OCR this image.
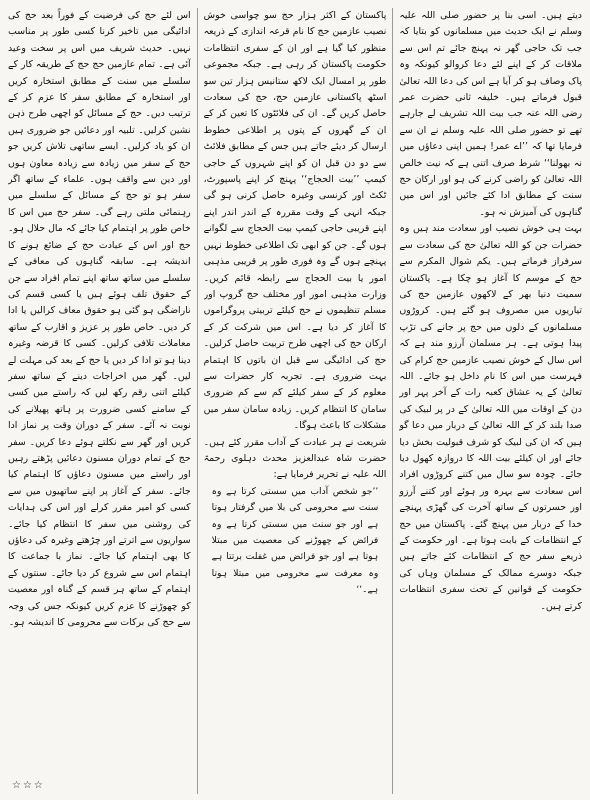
دیتے ہیں۔ اسی بنا پر حضور صلی اللہ علیہ وسلم نے ایک حدیث میں مسلمانوں کو بتایا کہ جب تک حاجی گھر نہ پہنچ جائے تم اس سے ملاقات کر کے اپنے لئے دعا کروالو کیونکہ وہ پاک وصاف ہو کر آیا ہے اس کی دعا اللہ تعالیٰ قبول فرماتے ہیں۔ خلیفہ ثانی حضرت عمر رضی اللہ عنہ جب بیت اللہ تشریف لے جارہے تھے تو حضور صلی اللہ علیہ وسلم نے ان سے فرمایا تھا کہ ’’اے عمر! ہمیں اپنی دعاؤں میں نہ بھولنا‘‘ شرط صرف اتنی ہے کہ نیت خالص اللہ تعالیٰ کو راضی کرنے کی ہو اور ارکان حج سنت کے مطابق ادا کئے جائیں اور اس میں گناہوں کی آمیزش نہ ہو۔

بہت ہی خوش نصیب اور سعادت مند ہیں وہ حضرات جن کو اللہ تعالیٰ حج کی سعادت سے سرفراز فرماتے ہیں۔ یکم شوال المکرم سے حج کے موسم کا آغاز ہو چکا ہے۔ پاکستان سمیت دنیا بھر کے لاکھوں عازمین حج کی تیاریوں میں مصروف ہو گئے ہیں۔ کروڑوں مسلمانوں کے دلوں میں حج پر جانے کی تڑپ پیدا ہوتی ہے۔ ہر مسلمان آرزو مند ہے کہ اس سال کے خوش نصیب عازمین حج کرام کی فہرست میں اس کا نام داخل ہو جائے۔ اللہ تعالیٰ کے یہ عشاق کعبہ رات کے آخر پہر اور دن کے اوقات میں اللہ تعالیٰ کے در پر لبیک کی صدا بلند کر کے اللہ تعالیٰ کے دربار میں دعا گو ہیں کہ ان کی لبیک کو شرف قبولیت بخش دیا جائے اور ان کیلئے بیت اللہ کا دروازہ کھول دیا جائے۔ چودہ سو سال میں کتنے کروڑوں افراد اس سعادت سے بہرہ ور ہوئے اور کتنے آرزو اور حسرتوں کے ساتھ آخرت کی گھڑی پہنچے خدا کے دربار میں پہنچ گئے۔ پاکستان میں حج کے انتظامات کے بابت ہوتا ہے۔ اور حکومت کے ذریعے سفر حج کے انتظامات کئے جاتے ہیں جبکہ دوسرے ممالک کے مسلمان وہاں کی حکومت کے قوانین کے تحت سفری انتظامات کرتے ہیں۔

پاکستان کے اکثر ہزار حج سو چواسی خوش نصیب عازمین حج کا نام قرعہ اندازی کے ذریعہ منظور کیا گیا ہے اور ان کے سفری انتظامات حکومت پاکستان کر رہی ہے۔ جبکہ مجموعی طور پر امسال ایک لاکھ ستانیس ہزار تین سو اسٹھ پاکستانی عازمین حج، حج کی سعادت حاصل کریں گے۔ ان کی فلائٹوں کا تعین کر کے ان کے گھروں کے پتوں پر اطلاعی خطوط ارسال کر دیئے جاتے ہیں جس کے مطابق فلائٹ سے دو دن قبل ان کو اپنے شہروں کے حاجی کیمپ ’’بیت الحجاج‘‘ پہنچ کر اپنے پاسپورٹ، ٹکٹ اور کرنسی وغیرہ حاصل کرنی ہو گی جبکہ انہی کے وقت مقررہ کے اندر اندر اپنے اپنے قریبی حاجی کیمپ بیت الحجاج سے لگوانے ہوں گے۔ جن کو ابھی تک اطلاعی خطوط نہیں پہنچے ہوں گے وہ فوری طور پر قریبی مذہبی امور یا بیت الحجاج سے رابطہ قائم کریں۔ وزارت مذہبی امور اور مختلف حج گروپ اور مسلم تنظیموں نے حج کیلئے تربیتی پروگراموں کا آغاز کر دیا ہے۔ اس میں شرکت کر کے ارکان حج کی اچھی طرح تربیت حاصل کرلیں۔ حج کی ادائیگی سے قبل ان باتوں کا اہتمام بہت ضروری ہے۔ تجربہ کار حضرات سے معلوم کر کے سفر کیلئے کم سے کم ضروری سامان کا انتظام کریں۔ زیادہ سامان سفر میں مشکلات کا باعث ہوگا۔

شریعت نے ہر عبادت کے آداب مقرر کئے ہیں۔ حضرت شاہ عبدالعزیز محدث دہلوی رحمۃ اللہ علیہ نے تحریر فرمایا ہے:

’’جو شخص آداب میں سستی کرتا ہے وہ سنت سے محرومی کی بلا میں گرفتار ہوتا ہے اور جو سنت میں سستی کرتا ہے وہ فرائض کے چھوڑنے کی معصیت میں مبتلا ہوتا ہے اور جو فرائض میں غفلت برتتا ہے وہ معرفت سے محرومی میں مبتلا ہوتا ہے۔‘‘

اس لئے حج کی فرضیت کے فوراً بعد حج کی ادائیگی میں تاخیر کرنا کسی طور پر مناسب نہیں۔ حدیث شریف میں اس پر سخت وعید آئی ہے۔ تمام عازمین حج حج کے طریقہ کار کے سلسلے میں سنت کے مطابق استخارہ کریں اور استخارہ کے مطابق سفر کا عزم کر کے ترتیب دیں۔ حج کے مسائل کو اچھی طرح ذہن نشین کرلیں۔ تلبیہ اور دعائیں جو ضروری ہیں ان کو یاد کرلیں۔ ایسے ساتھی تلاش کریں جو حج کے سفر میں زیادہ سے زیادہ معاون ہوں اور دین سے واقف ہوں۔ علماء کے ساتھ اگر سفر ہو تو حج کے مسائل کے سلسلے میں رہنمائی ملتی رہے گی۔ سفر حج میں اس کا خاص طور پر اہتمام کیا جائے کہ مال حلال ہو۔ حج اور اس کے عبادت حج کے ضائع ہونے کا اندیشہ ہے۔ سابقہ گناہوں کی معافی کے سلسلے میں ساتھ ساتھ اپنے تمام افراد سے جن کے حقوق تلف ہوئے ہیں یا کسی قسم کی ناراضگی ہو گئی ہو حقوق معاف کرالیں یا ادا کر دیں۔ خاص طور پر عزیز و اقارب کے ساتھ معاملات تلافی کرلیں۔ کسی کا قرضہ وغیرہ دینا ہو تو ادا کر دیں یا حج کے بعد کی مہلت لے لیں۔ گھر میں اخراجات دینے کے ساتھ سفر کیلئے اتنی رقم رکھ لیں کہ راستے میں کسی کے سامنے کسی ضرورت پر ہاتھ پھیلانے کی نوبت نہ آئے۔ سفر کے دوران وقت پر نماز ادا کریں اور گھر سے نکلتے ہوئے دعا کریں۔ سفر حج کے تمام دوران مسنون دعائیں پڑھتے رہیں اور راستے میں مسنون دعاؤں کا اہتمام کیا جائے۔ سفر کے آغاز پر اپنے ساتھیوں میں سے کسی کو امیر مقرر کرلے اور اس کی ہدایات کی روشنی میں سفر کا انتظام کیا جائے۔ سواریوں سے اترتے اور چڑھتے وغیرہ کی دعاؤں کا بھی اہتمام کیا جائے۔ نماز با جماعت کا اہتمام اس سے شروع کر دیا جائے۔ سنتوں کے اہتمام کے ساتھ ہر قسم کے گناہ اور معصیت کو چھوڑنے کا عزم کریں کیونکہ جس کی وجہ سے حج کی برکات سے محرومی کا اندیشہ ہو۔

☆☆☆
